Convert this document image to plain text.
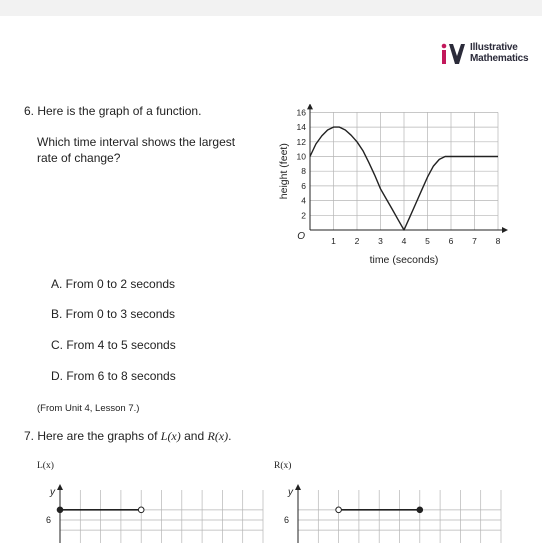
Illustrative
Mathematics
6. Here is the graph of a function.
Which time interval shows the largest
rate of change?
1 2 3 4 5 6 7 8
2
4
6
8
10
12
14
16
O
time (seconds)
height (feet)
A. From 0 to 2 seconds
B. From 0 to 3 seconds
C. From 4 to 5 seconds
D. From 6 to 8 seconds
(From Unit 4, Lesson 7.)
7. Here are the graphs of L(x) and R(x).
L(x)	R(x)
y
6
y
6
